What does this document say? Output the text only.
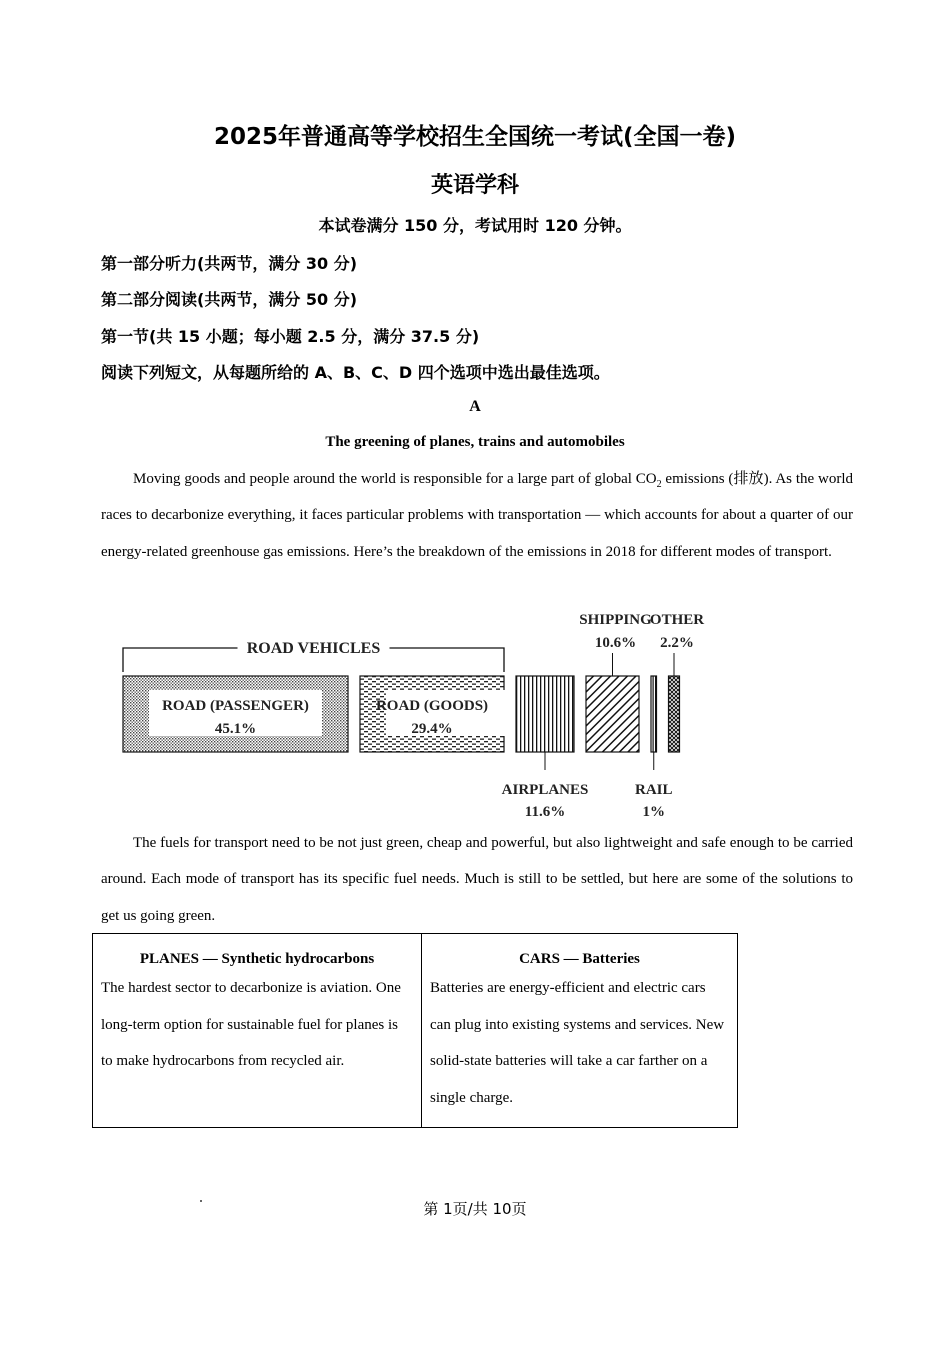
2025年普通高等学校招生全国统一考试(全国一卷)
英语学科
本试卷满分 150 分，考试用时 120 分钟。
第一部分听力(共两节，满分 30 分)
第二部分阅读(共两节，满分 50 分)
第一节(共 15 小题；每小题 2.5 分，满分 37.5 分)
阅读下列短文，从每题所给的 A、B、C、D 四个选项中选出最佳选项。
A
The greening of planes, trains and automobiles

Moving goods and people around the world is responsible for a large part of global $CO_2$ emissions (排放). As the world races to decarbonize everything, it faces particular problems with transportation — which accounts for about a quarter of our energy-related greenhouse gas emissions. Here’s the breakdown of the emissions in 2018 for different modes of transport.

ROAD (PASSENGER)
45.1%
ROAD (GOODS)
29.4%
ROAD VEHICLES
AIRPLANES
11.6%
SHIPPING
10.6%
RAIL
1%
OTHER
2.2%

The fuels for transport need to be not just green, cheap and powerful, but also lightweight and safe enough to be carried around. Each mode of transport has its specific fuel needs. Much is still to be settled, but here are some of the solutions to get us going green.

PLANES — Synthetic hydrocarbons

The hardest sector to decarbonize is aviation. One long-term option for sustainable fuel for planes is to make hydrocarbons from recycled air.

CARS — Batteries

Batteries are energy-efficient and electric cars can plug into existing systems and services. New solid-state batteries will take a car farther on a single charge.

第 1页/共 10页
